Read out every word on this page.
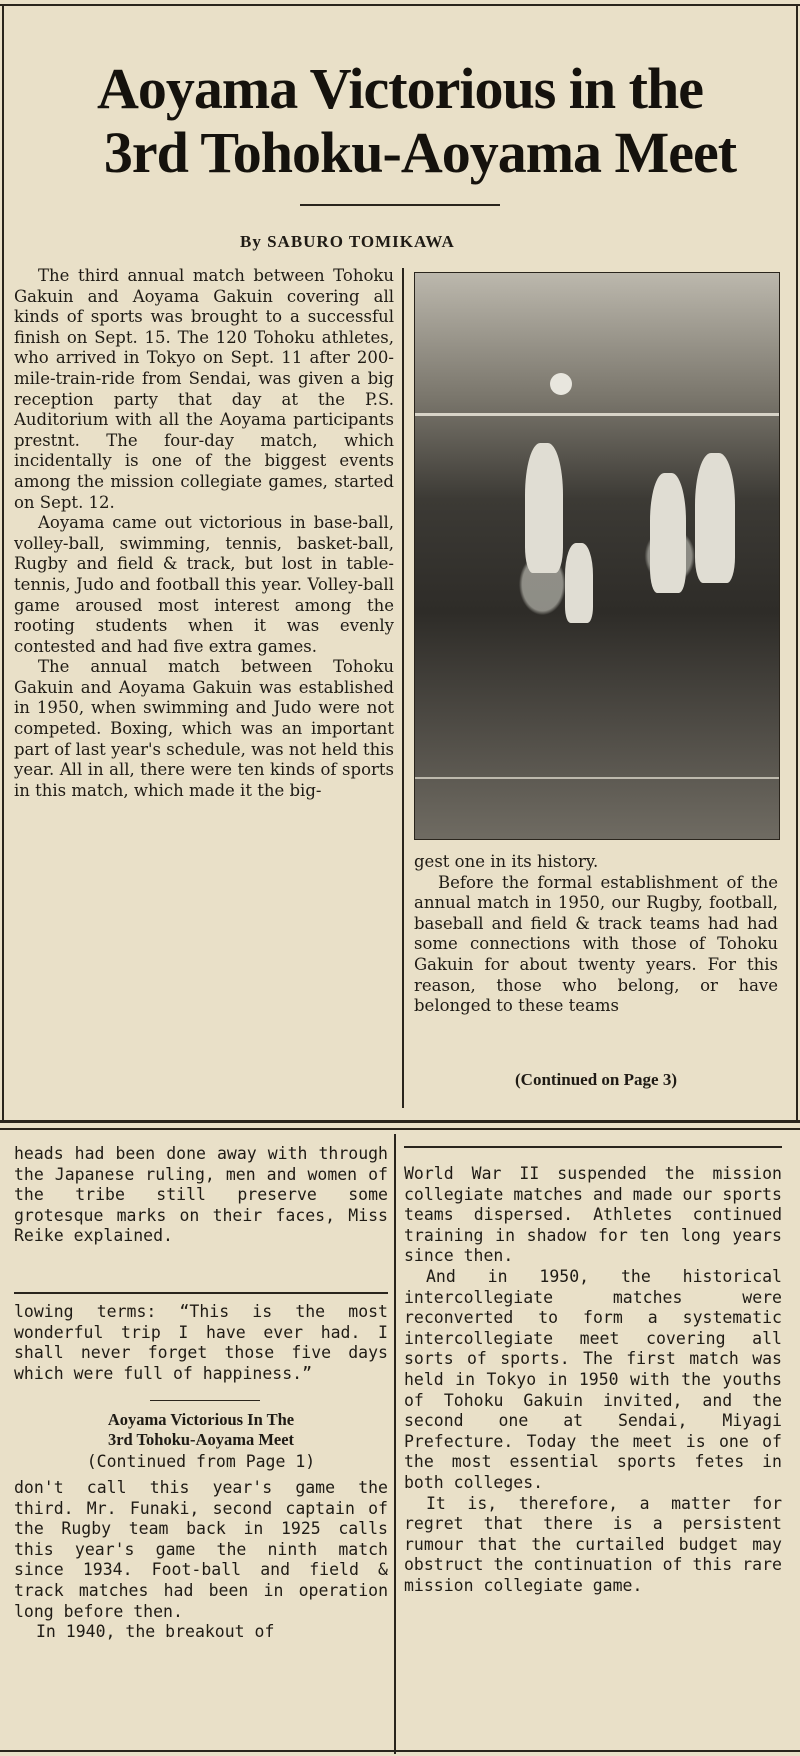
Aoyama Victorious in the
3rd Tohoku-Aoyama Meet
By SABURO TOMIKAWA

The third annual match between Tohoku Gakuin and Aoyama Gakuin covering all kinds of sports was brought to a successful finish on Sept. 15. The 120 Tohoku athletes, who arrived in Tokyo on Sept. 11 after 200-mile-train-ride from Sendai, was given a big reception party that day at the P.S. Auditorium with all the Aoyama participants prestnt. The four-day match, which incidentally is one of the biggest events among the mission collegiate games, started on Sept. 12.

Aoyama came out victorious in base-ball, volley-ball, swimming, tennis, basket-ball, Rugby and field & track, but lost in table-tennis, Judo and football this year. Volley-ball game aroused most interest among the rooting students when it was evenly contested and had five extra games.

The annual match between Tohoku Gakuin and Aoyama Gakuin was established in 1950, when swimming and Judo were not competed. Boxing, which was an important part of last year's schedule, was not held this year. All in all, there were ten kinds of sports in this match, which made it the big-

gest one in its history.

Before the formal establishment of the annual match in 1950, our Rugby, football, baseball and field & track teams had had some connections with those of Tohoku Gakuin for about twenty years. For this reason, those who belong, or have belonged to these teams

(Continued on Page 3)

heads had been done away with through the Japanese ruling, men and women of the tribe still preserve some grotesque marks on their faces, Miss Reike explained.

lowing terms: “This is the most wonderful trip I have ever had. I shall never forget those five days which were full of happiness.”

Aoyama Victorious In The
3rd Tohoku-Aoyama Meet
(Continued from Page 1)

don't call this year's game the third. Mr. Funaki, second captain of the Rugby team back in 1925 calls this year's game the ninth match since 1934. Foot-ball and field & track matches had been in operation long before then.

In 1940, the breakout of

World War II suspended the mission collegiate matches and made our sports teams dispersed. Athletes continued training in shadow for ten long years since then.

And in 1950, the historical intercollegiate matches were reconverted to form a systematic intercollegiate meet covering all sorts of sports. The first match was held in Tokyo in 1950 with the youths of Tohoku Gakuin invited, and the second one at Sendai, Miyagi Prefecture. Today the meet is one of the most essential sports fetes in both colleges.

It is, therefore, a matter for regret that there is a persistent rumour that the curtailed budget may obstruct the continuation of this rare mission collegiate game.
